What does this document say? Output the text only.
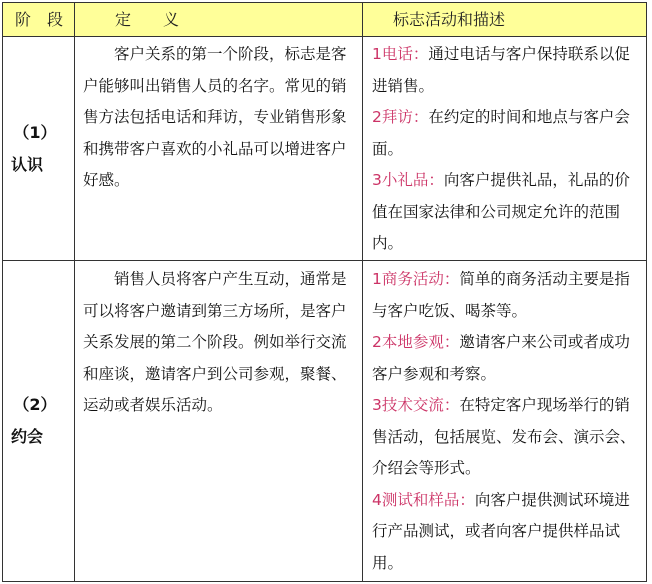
阶　段	定　　义	标志活动和描述
（1）
认识

客户关系的第一个阶段，标志是客户能够叫出销售人员的名字。常见的销售方法包括电话和拜访，专业销售形象和携带客户喜欢的小礼品可以增进客户好感。

1电话：通过电话与客户保持联系以促进销售。
2拜访：在约定的时间和地点与客户会面。
3小礼品：向客户提供礼品，礼品的价值在国家法律和公司规定允许的范围内。
（2）
约会

销售人员将客户产生互动，通常是可以将客户邀请到第三方场所，是客户关系发展的第二个阶段。例如举行交流和座谈，邀请客户到公司参观，聚餐、运动或者娱乐活动。

1商务活动：简单的商务活动主要是指与客户吃饭、喝茶等。
2本地参观：邀请客户来公司或者成功客户参观和考察。
3技术交流：在特定客户现场举行的销售活动，包括展览、发布会、演示会、介绍会等形式。
4测试和样品：向客户提供测试环境进行产品测试，或者向客户提供样品试用。
